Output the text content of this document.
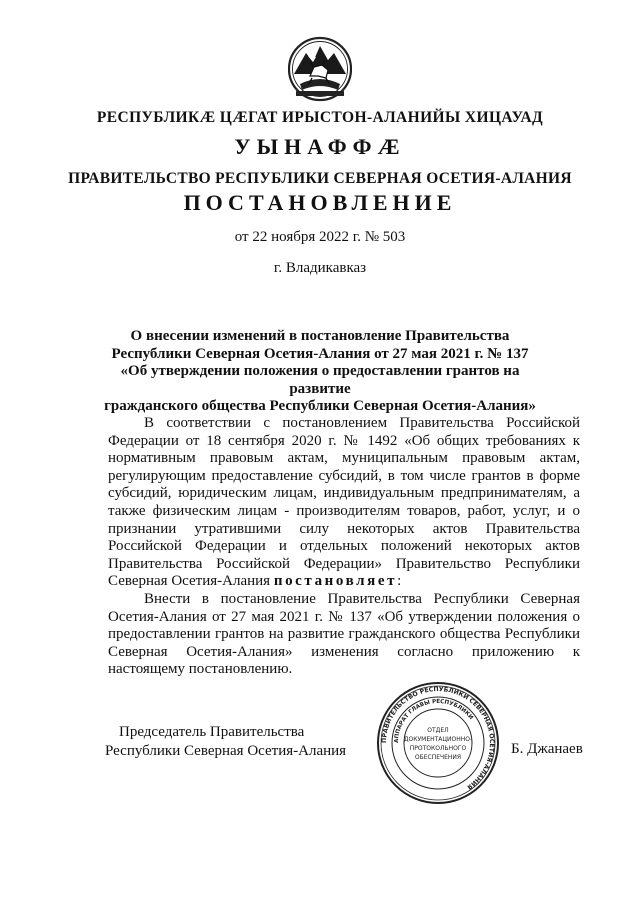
РЕСПУБЛИКӔ ЦӔГАТ ИРЫСТОН-АЛАНИЙЫ ХИЦАУАД
УЫНАФФӔ
ПРАВИТЕЛЬСТВО РЕСПУБЛИКИ СЕВЕРНАЯ ОСЕТИЯ-АЛАНИЯ
ПОСТАНОВЛЕНИЕ
от 22 ноября 2022 г. № 503
г. Владикавказ
О внесении изменений в постановление Правительства
Республики Северная Осетия-Алания от 27 мая 2021 г. № 137
«Об утверждении положения о предоставлении грантов на развитие
гражданского общества Республики Северная Осетия-Алания»

В соответствии с постановлением Правительства Российской Федерации от 18 сентября 2020 г. № 1492 «Об общих требованиях к нормативным правовым актам, муниципальным правовым актам, регулирующим предоставление субсидий, в том числе грантов в форме субсидий, юридическим лицам, индивидуальным предпринимателям, а также физическим лицам - производителям товаров, работ, услуг, и о признании утратившими силу некоторых актов Правительства Российской Федерации и отдельных положений некоторых актов Правительства Российской Федерации» Правительство Республики Северная Осетия-Алания постановляет:

Внести в постановление Правительства Республики Северная Осетия-Алания от 27 мая 2021 г. № 137 «Об утверждении положения о предоставлении грантов на развитие гражданского общества Республики Северная Осетия-Алания» изменения согласно приложению к настоящему постановлению.

Председатель Правительства
Республики Северная Осетия-Алания
ПРАВИТЕЛЬСТВО РЕСПУБЛИКИ СЕВЕРНАЯ ОСЕТИЯ-АЛАНИЯ
АППАРАТ ГЛАВЫ РЕСПУБЛИКИ
ОТДЕЛ
ДОКУМЕНТАЦИОННО-
ПРОТОКОЛЬНОГО
ОБЕСПЕЧЕНИЯ
Б. Джанаев
